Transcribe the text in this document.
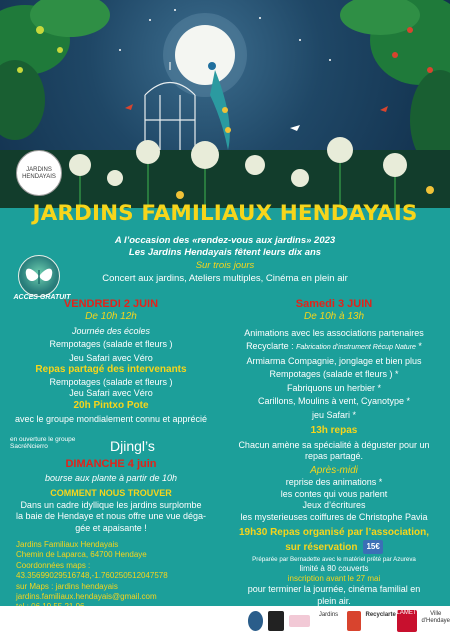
JARDINS
HENDAYAIS
JARDINS FAMILIAUX HENDAYAIS
A l’occasion des «rendez-vous aux jardins» 2023
Les Jardins Hendayais fêtent leurs dix ans
Sur trois jours
Concert aux jardins, Ateliers multiples, Cinéma en plein air
ACCES GRATUIT
VENDREDI 2 JUIN
De 10h 12h
Journée des écoles
Rempotages (salade et fleurs )
Jeu Safari avec Véro
Repas partagé des intervenants
Rempotages (salade et fleurs )
Jeu Safari avec Véro
20h Pintxo Pote
avec le groupe mondialement connu et apprécié
en ouverture le groupe
SacréNcierro	Djingl’s
DIMANCHE 4 juin
bourse aux plante à partir de 10h
COMMENT NOUS TROUVER
Dans un cadre idyllique les jardins surplombe
la baie de Hendaye et nous offre une vue déga-
gée et apaisante !

Jardins Familiaux Hendayais

Chemin de Laparca, 64700 Hendaye

Coordonnées maps :

43.35699029516748,-1.760250512047578

sur Maps : jardins hendayais

jardins.familiaux.hendayais@gmail.com

Samedi 3 JUIN
De 10h à 13h
Animations avec les associations partenaires
Recyclarte : Fabrication d’instrument Récup Nature *
Armiarma Compagnie, jonglage et bien plus
Rempotages (salade et fleurs ) *
Fabriquons un herbier *
Carillons, Moulins à vent, Cyanotype *
jeu Safari *
13h repas
Chacun amène sa spécialité à déguster pour un
repas partagé.
Après-midi
reprise des animations *
les contes qui vous parlent
Jeux d’écritures
les mysterieuses coiffures de Christophe Pavia
19h30 Repas organisé par l’association,
sur réservation 15€
Préparée par Bernadette avec le matériel prêté par Azureva
limité à 80 couverts
inscription avant le 27 mai
pour terminer la journée, cinéma familial en
plein air.
Jardins	Recyclarte LAMETH	Ville d'Hendaye
